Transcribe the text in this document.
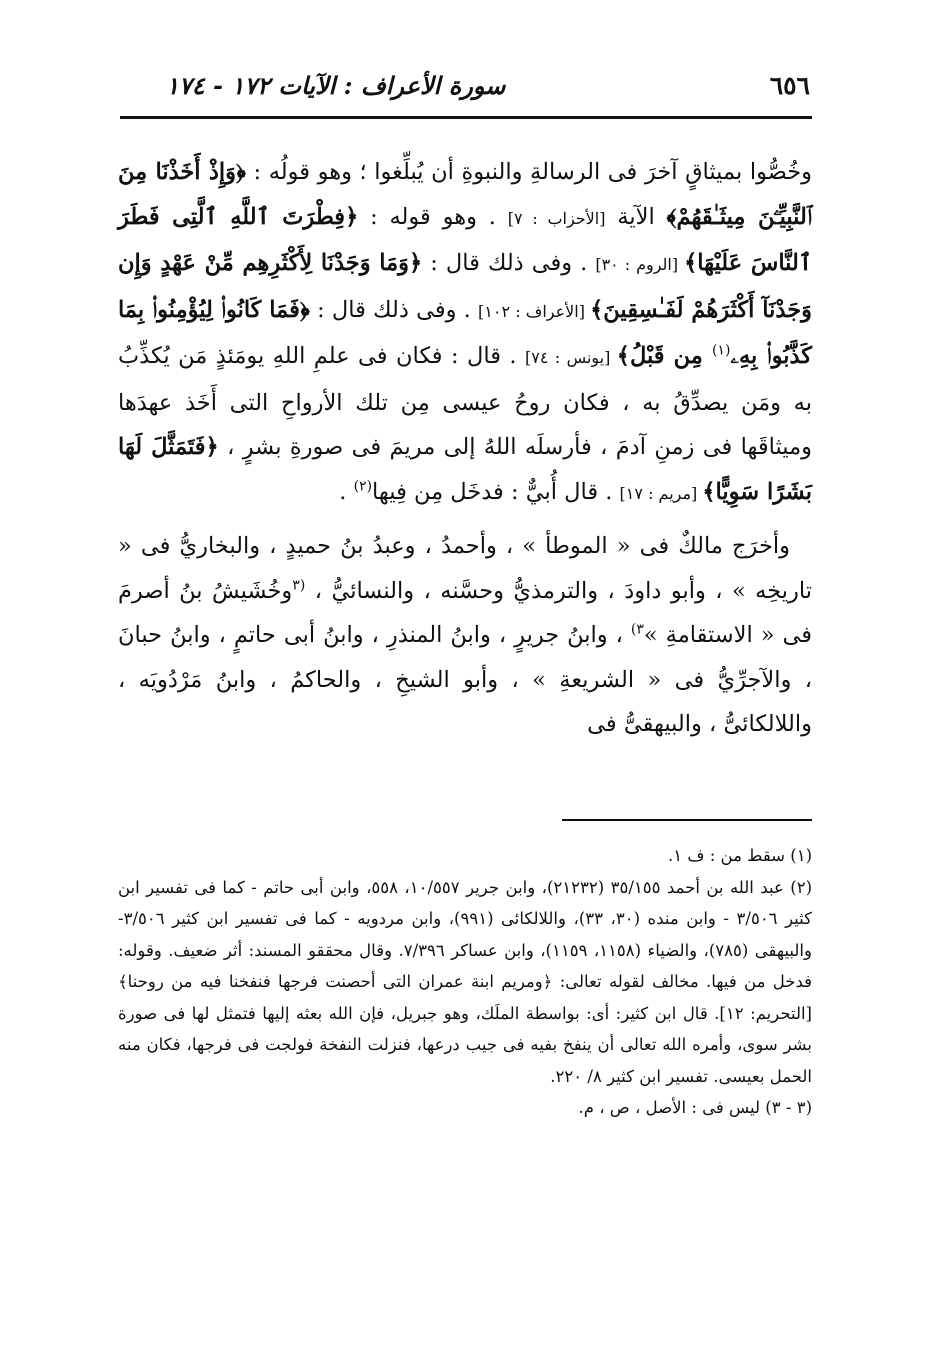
٦٥٦
سورة الأعراف : الآيات ١٧٢ - ١٧٤

وخُصُّوا بميثاقٍ آخرَ فى الرسالةِ والنبوةِ أن يُبلِّغوا ؛ وهو قولُه : ﴿وَإِذْ أَخَذْنَا مِنَ ٱلنَّبِيِّـۧنَ مِيثَـٰقَهُمْ﴾ الآية [الأحزاب : ٧] . وهو قوله : ﴿فِطْرَتَ ٱللَّهِ ٱلَّتِى فَطَرَ ٱلنَّاسَ عَلَيْهَا﴾ [الروم : ٣٠] . وفى ذلك قال : ﴿وَمَا وَجَدْنَا لِأَكْثَرِهِم مِّنْ عَهْدٍ وَإِن وَجَدْنَآ أَكْثَرَهُمْ لَفَـٰسِقِينَ﴾ [الأعراف : ١٠٢] . وفى ذلك قال : ﴿فَمَا كَانُوا۟ لِيُؤْمِنُوا۟ بِمَا كَذَّبُوا۟ بِهِۦ$^{(١)}$ مِن قَبْلُ﴾ [يونس : ٧٤] . قال : فكان فى علمِ اللهِ يومَئذٍ مَن يُكذِّبُ به ومَن يصدِّقُ به ، فكان روحُ عيسى مِن تلك الأرواحِ التى أَخَذ عهدَها وميثاقَها فى زمنِ آدمَ ، فأرسلَه اللهُ إلى مريمَ فى صورةِ بشرٍ ، ﴿فَتَمَثَّلَ لَهَا بَشَرًا سَوِيًّا﴾ [مريم : ١٧] . قال أُبيٌّ : فدخَل مِن فِيها$^{(٢)}$ .

وأخرَج مالكٌ فى « الموطأ » ، وأحمدُ ، وعبدُ بنُ حميدٍ ، والبخاريُّ فى « تاريخِه » ، وأبو داودَ ، والترمذيُّ وحسَّنه ، والنسائيُّ ، $^{(٣}$وخُشَيشُ بنُ أصرمَ فى « الاستقامةِ »$^{٣)}$ ، وابنُ جريرٍ ، وابنُ المنذرِ ، وابنُ أبى حاتمٍ ، وابنُ حبانَ ، والآجرِّيُّ فى « الشريعةِ » ، وأبو الشيخِ ، والحاكمُ ، وابنُ مَرْدُويَه ، واللالكائىُّ ، والبيهقىُّ فى

(١) سقط من : ف ١.

(٢) عبد الله بن أحمد ٣٥/١٥٥ (٢١٢٣٢)، وابن جرير ١٠/٥٥٧، ٥٥٨، وابن أبى حاتم - كما فى تفسير ابن كثير ٣/٥٠٦ - وابن منده (٣٠، ٣٣)، واللالكائى (٩٩١)، وابن مردويه - كما فى تفسير ابن كثير ٣/٥٠٦- والبيهقى (٧٨٥)، والضياء (١١٥٨، ١١٥٩)، وابن عساكر ٧/٣٩٦. وقال محققو المسند: أثر ضعيف. وقوله: فدخل من فيها. مخالف لقوله تعالى: ﴿ومريم ابنة عمران التى أحصنت فرجها فنفخنا فيه من روحنا﴾ [التحريم: ١٢]. قال ابن كثير: أى: بواسطة الملَك، وهو جبريل، فإن الله بعثه إليها فتمثل لها فى صورة بشر سوى، وأمره الله تعالى أن ينفخ بفيه فى جيب درعها، فنزلت النفخة فولجت فى فرجها، فكان منه الحمل بعيسى. تفسير ابن كثير ٨/ ٢٢٠.

(٣ - ٣) ليس فى : الأصل ، ص ، م.
